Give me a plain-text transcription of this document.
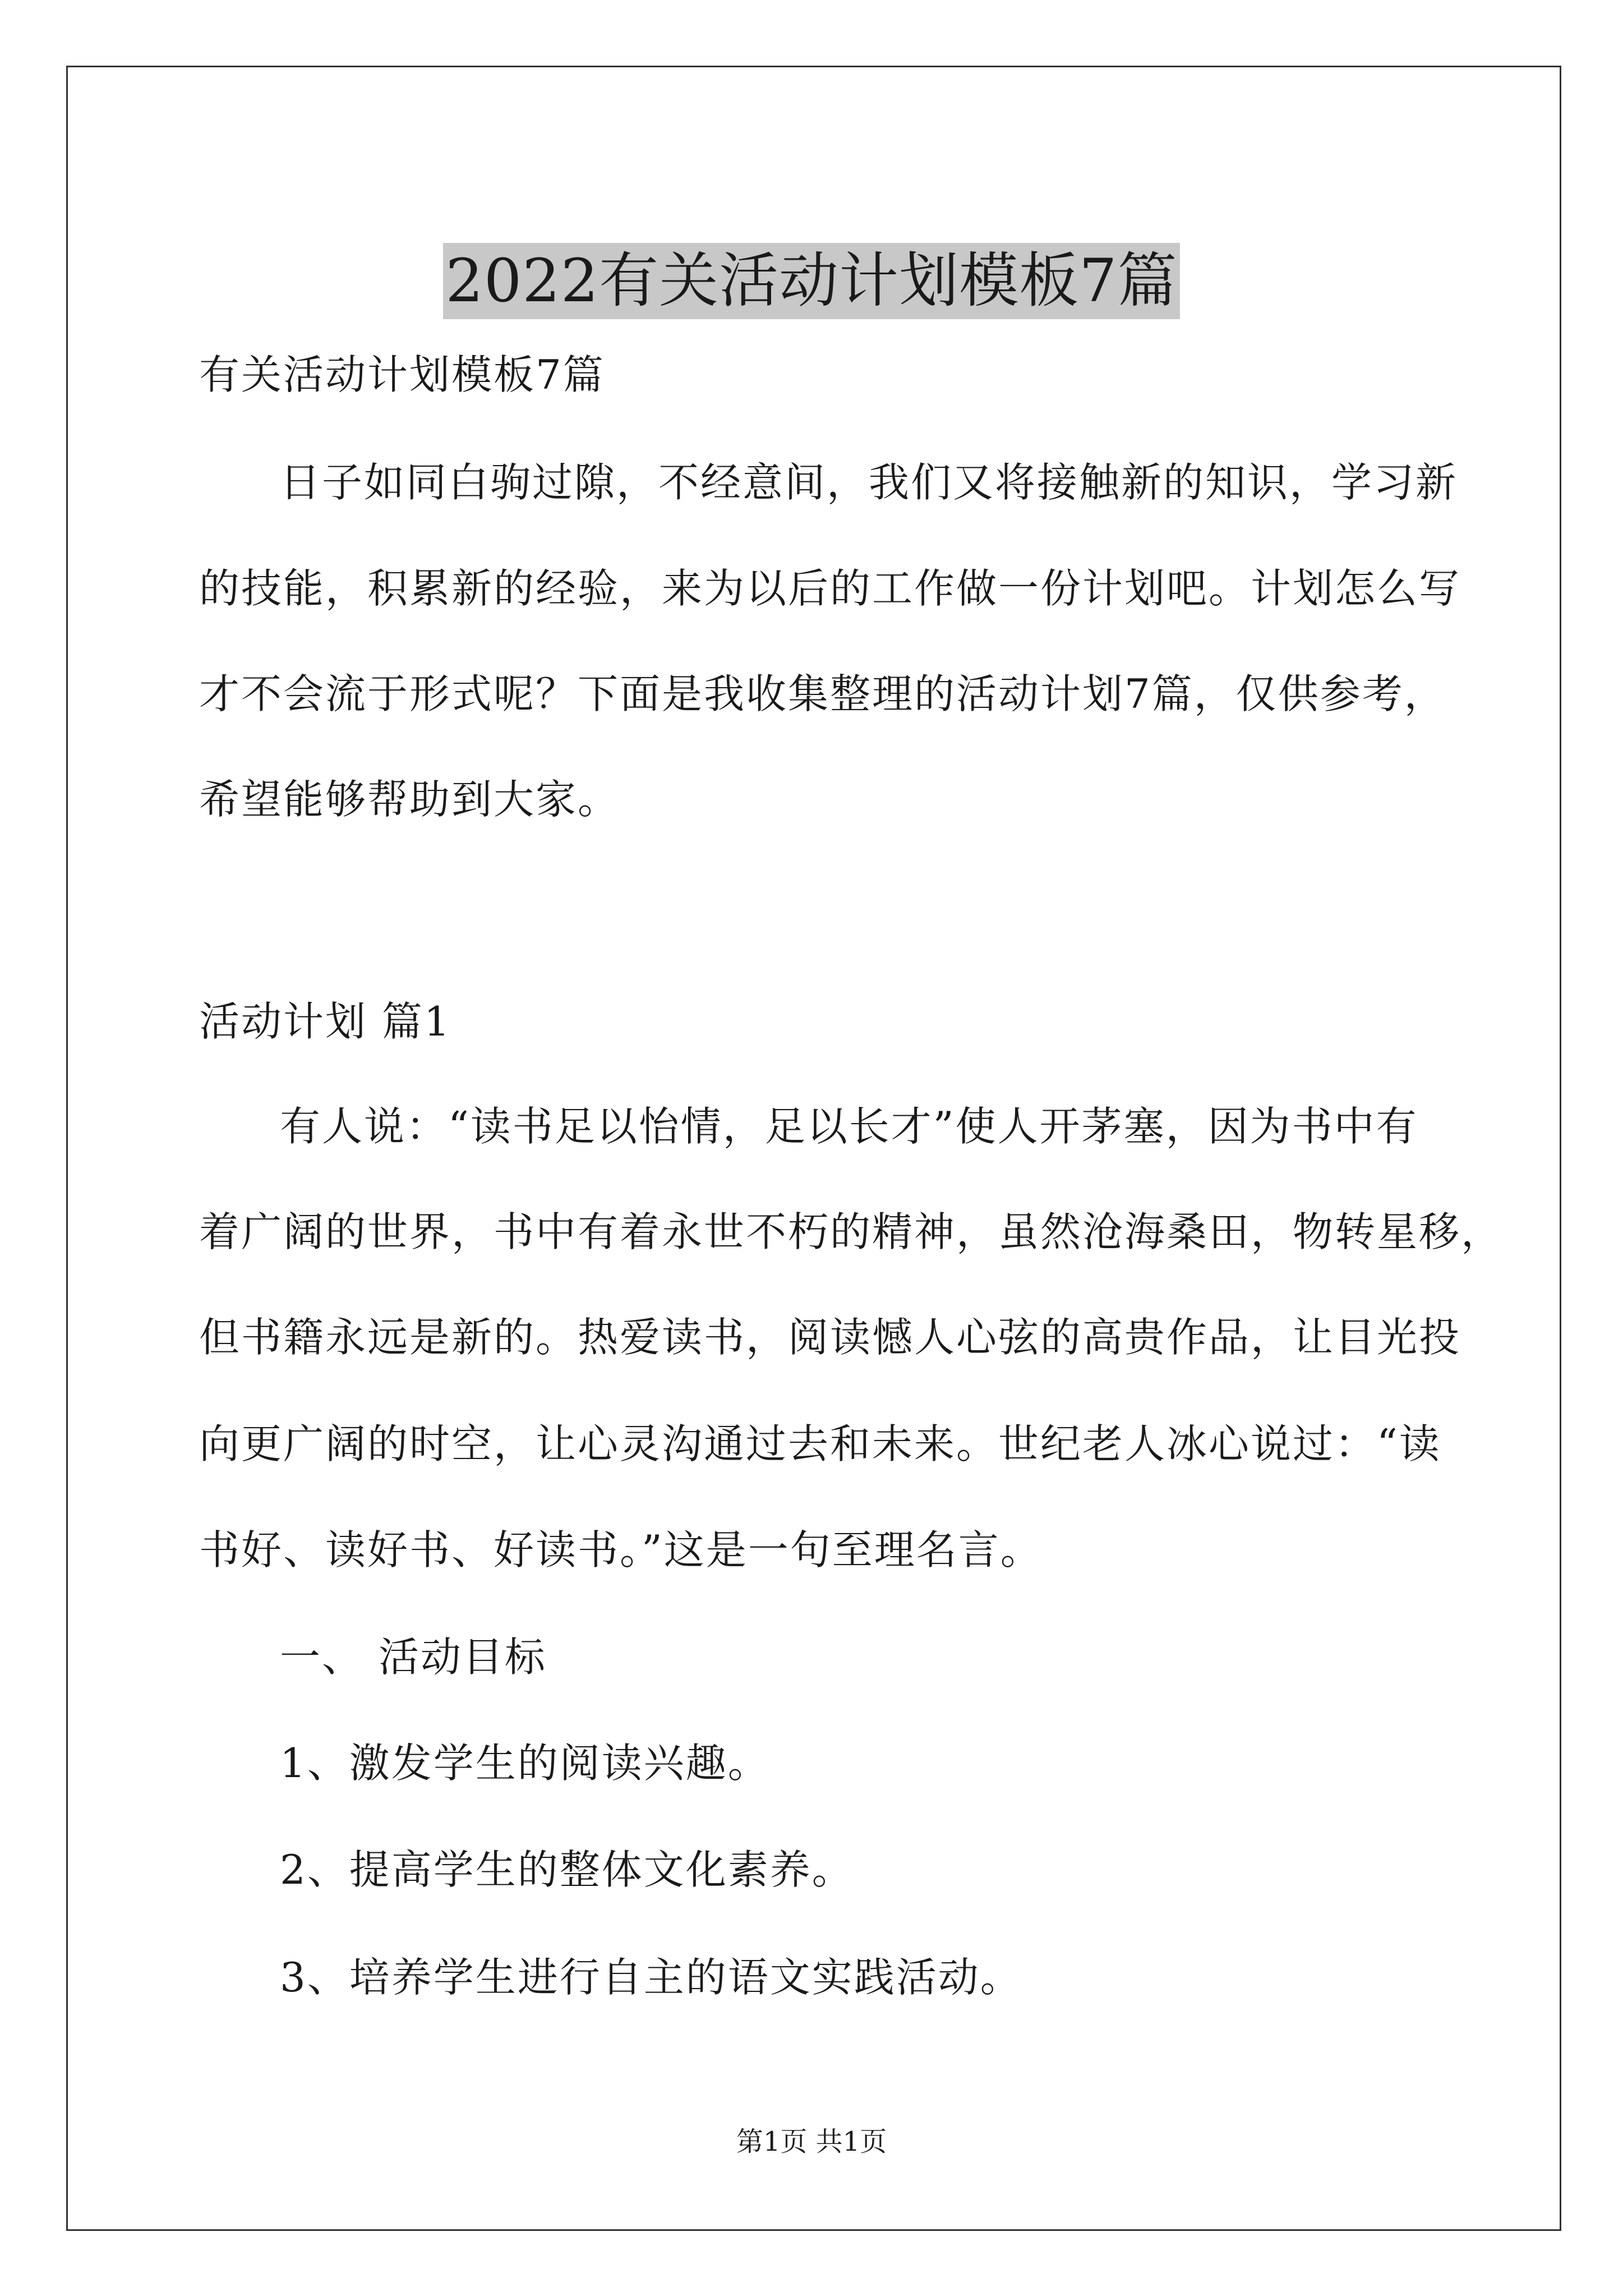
2022有关活动计划模板7篇
有关活动计划模板7篇
日子如同白驹过隙，不经意间，我们又将接触新的知识，学习新
的技能，积累新的经验，来为以后的工作做一份计划吧。计划怎么写
才不会流于形式呢？下面是我收集整理的活动计划7篇，仅供参考，
希望能够帮助到大家。
活动计划 篇1
有人说：“读书足以怡情，足以长才”使人开茅塞，因为书中有
着广阔的世界，书中有着永世不朽的精神，虽然沧海桑田，物转星移，
但书籍永远是新的。热爱读书，阅读憾人心弦的高贵作品，让目光投
向更广阔的时空，让心灵沟通过去和未来。世纪老人冰心说过：“读
书好、读好书、好读书。”这是一句至理名言。
一、 活动目标
1、激发学生的阅读兴趣。
2、提高学生的整体文化素养。
3、培养学生进行自主的语文实践活动。
第1页 共1页
